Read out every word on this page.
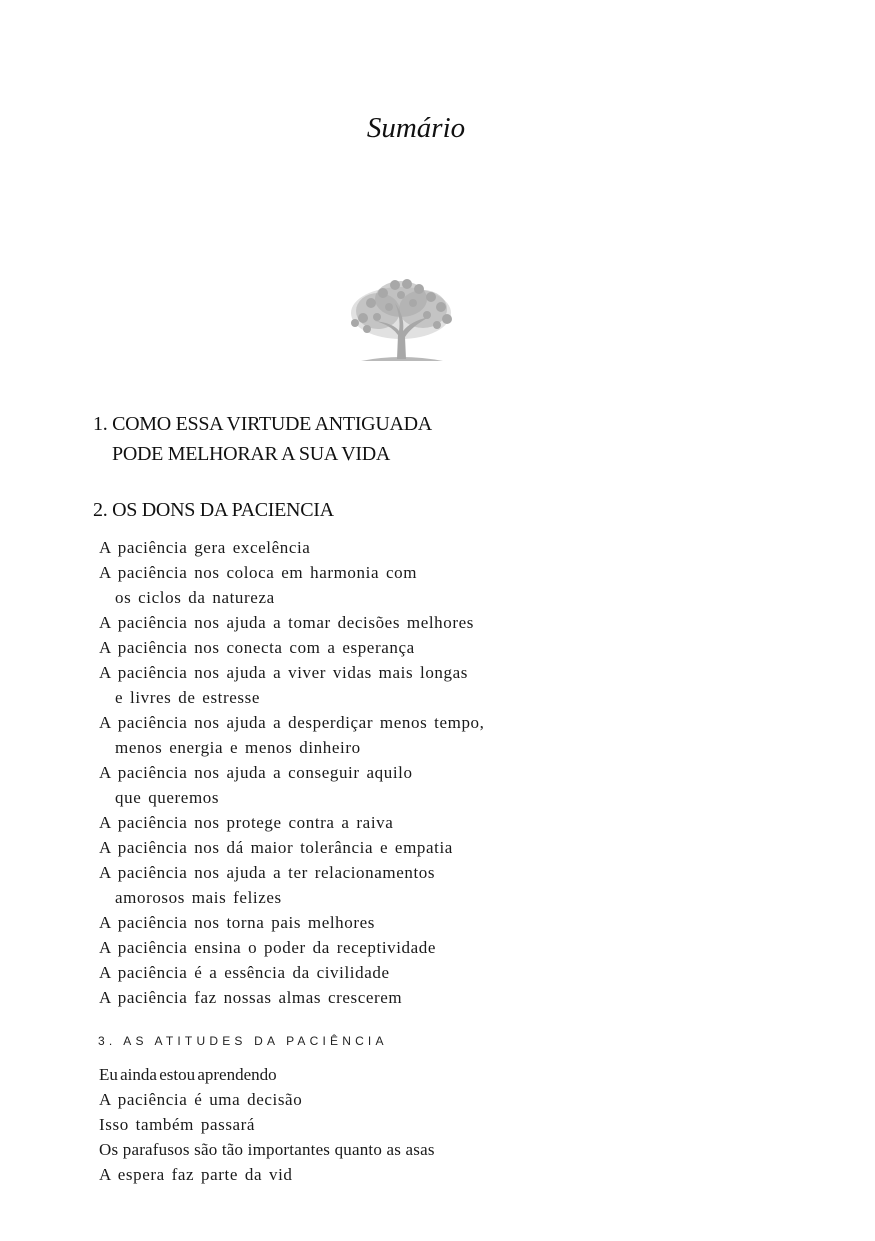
Sumário
1. COMO ESSA VIRTUDE ANTIGUADA
PODE MELHORAR A SUA VIDA
2. OS DONS DA PACIENCIA
A paciência gera excelência
A paciência nos coloca em harmonia com
os ciclos da natureza
A paciência nos ajuda a tomar decisões melhores
A paciência nos conecta com a esperança
A paciência nos ajuda a viver vidas mais longas
e livres de estresse
A paciência nos ajuda a desperdiçar menos tempo,
menos energia e menos dinheiro
A paciência nos ajuda a conseguir aquilo
que queremos
A paciência nos protege contra a raiva
A paciência nos dá maior tolerância e empatia
A paciência nos ajuda a ter relacionamentos
amorosos mais felizes
A paciência nos torna pais melhores
A paciência ensina o poder da receptividade
A paciência é a essência da civilidade
A paciência faz nossas almas crescerem
3. AS ATITUDES DA PACIÊNCIA
Eu ainda estou aprendendo
A paciência é uma decisão
Isso também passará
Os parafusos são tão importantes quanto as asas
A espera faz parte da vid
